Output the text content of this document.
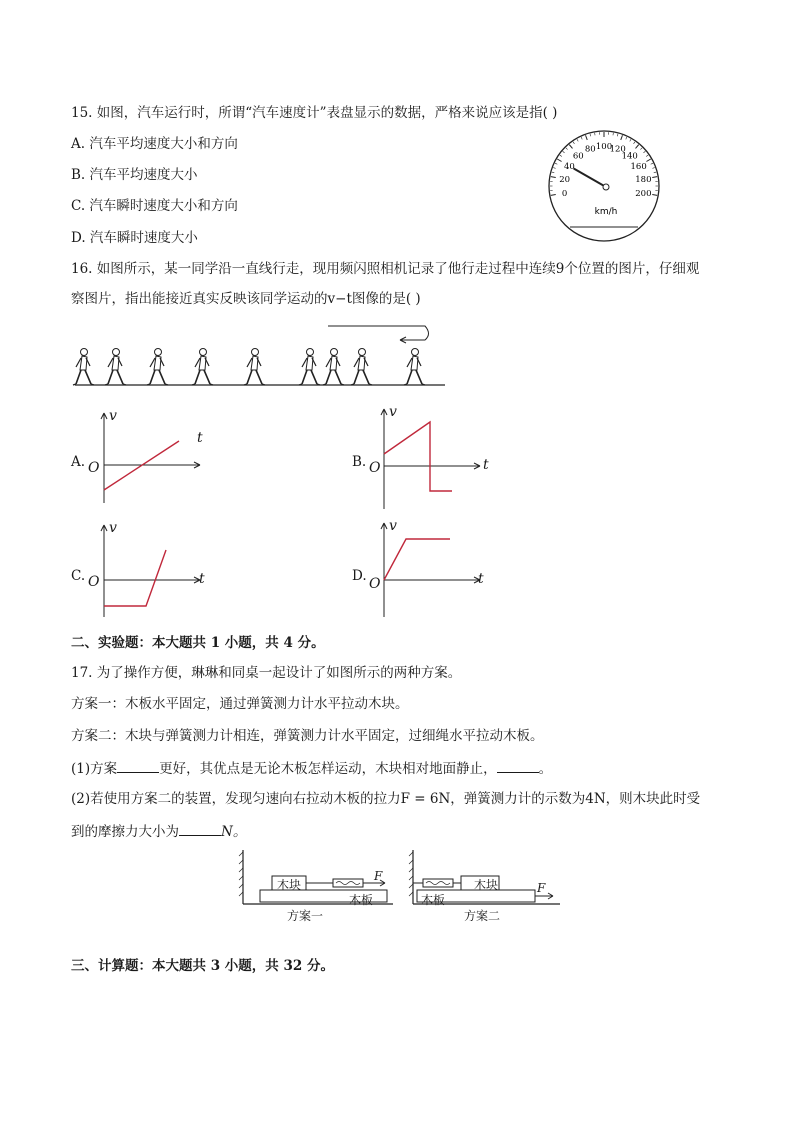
15. 如图，汽车运行时，所谓“汽车速度计”表盘显示的数据，严格来说应该是指( )
A. 汽车平均速度大小和方向
B. 汽车平均速度大小
C. 汽车瞬时速度大小和方向
D. 汽车瞬时速度大小
0
20
40
60
80 100
120
140
160
180
200
km/h
16. 如图所示，某一同学沿一直线行走，现用频闪照相机记录了他行走过程中连续9个位置的图片，仔细观
察图片，指出能接近真实反映该同学运动的v−t图像的是( )
A.
v
t
O	B.
v
t
O
C.
v
t
O	D.
v
t
O
二、实验题：本大题共 1 小题，共 4 分。
17. 为了操作方便，琳琳和同桌一起设计了如图所示的两种方案。
方案一：木板水平固定，通过弹簧测力计水平拉动木块。
方案二：木块与弹簧测力计相连，弹簧测力计水平固定，过细绳水平拉动木板。
(1)方案	更好，其优点是无论木板怎样运动，木块相对地面静止，	。
(2)若使用方案二的装置，发现匀速向右拉动木板的拉力F = 6N，弹簧测力计的示数为4N，则木块此时受
到的摩擦力大小为	N。
木块
木板
F
方案一
木块
木板
F
方案二
三、计算题：本大题共 3 小题，共 32 分。
